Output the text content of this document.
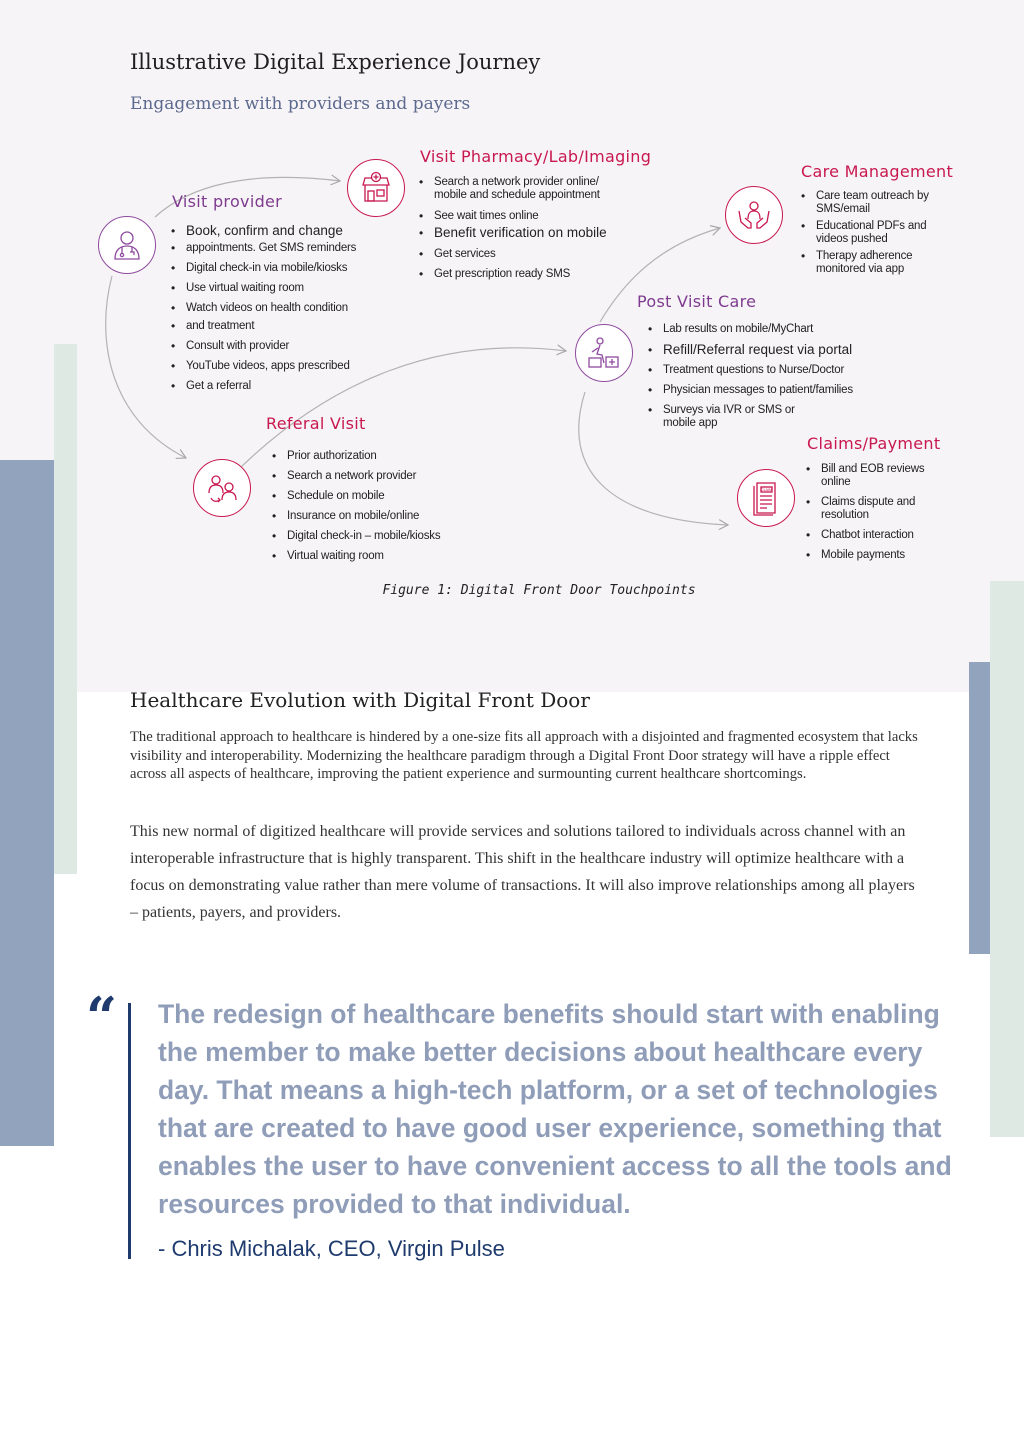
Illustrative Digital Experience Journey
Engagement with providers and payers
Visit provider
• Book, confirm and change
• appointments. Get SMS reminders
• Digital check-in via mobile/kiosks
• Use virtual waiting room
• Watch videos on health condition
• and treatment
• Consult with provider
• YouTube videos, apps prescribed
• Get a referral
Visit Pharmacy/Lab/Imaging
• Search a network provider online/ mobile and schedule appointment
• See wait times online
• Benefit verification on mobile
• Get services
• Get prescription ready SMS
Care Management
• Care team outreach by SMS/email
• Educational PDFs and videos pushed
• Therapy adherence monitored via app
Post Visit Care
• Lab results on mobile/MyChart
• Refill/Referral request via portal
• Treatment questions to Nurse/Doctor
• Physician messages to patient/families
• Surveys via IVR or SMS or mobile app
Referal Visit
• Prior authorization
• Search a network provider
• Schedule on mobile
• Insurance on mobile/online
• Digital check-in – mobile/kiosks
• Virtual waiting room
CLAIM
Claims/Payment
• Bill and EOB reviews online
• Claims dispute and resolution
• Chatbot interaction
• Mobile payments
Figure 1: Digital Front Door Touchpoints
Healthcare Evolution with Digital Front Door
The traditional approach to healthcare is hindered by a one-size fits all approach with a disjointed and fragmented ecosystem that lacks visibility and interoperability. Modernizing the healthcare paradigm through a Digital Front Door strategy will have a ripple effect across all aspects of healthcare, improving the patient experience and surmounting current healthcare shortcomings.
This new normal of digitized healthcare will provide services and solutions tailored to individuals across channel with an interoperable infrastructure that is highly transparent. This shift in the healthcare industry will optimize healthcare with a focus on demonstrating value rather than mere volume of transactions. It will also improve relationships among all players – patients, payers, and providers.
“ The redesign of healthcare benefits should start with enabling the member to make better decisions about healthcare every day. That means a high-tech platform, or a set of technologies that are created to have good user experience, something that enables the user to have convenient access to all the tools and resources provided to that individual.
- Chris Michalak, CEO, Virgin Pulse
